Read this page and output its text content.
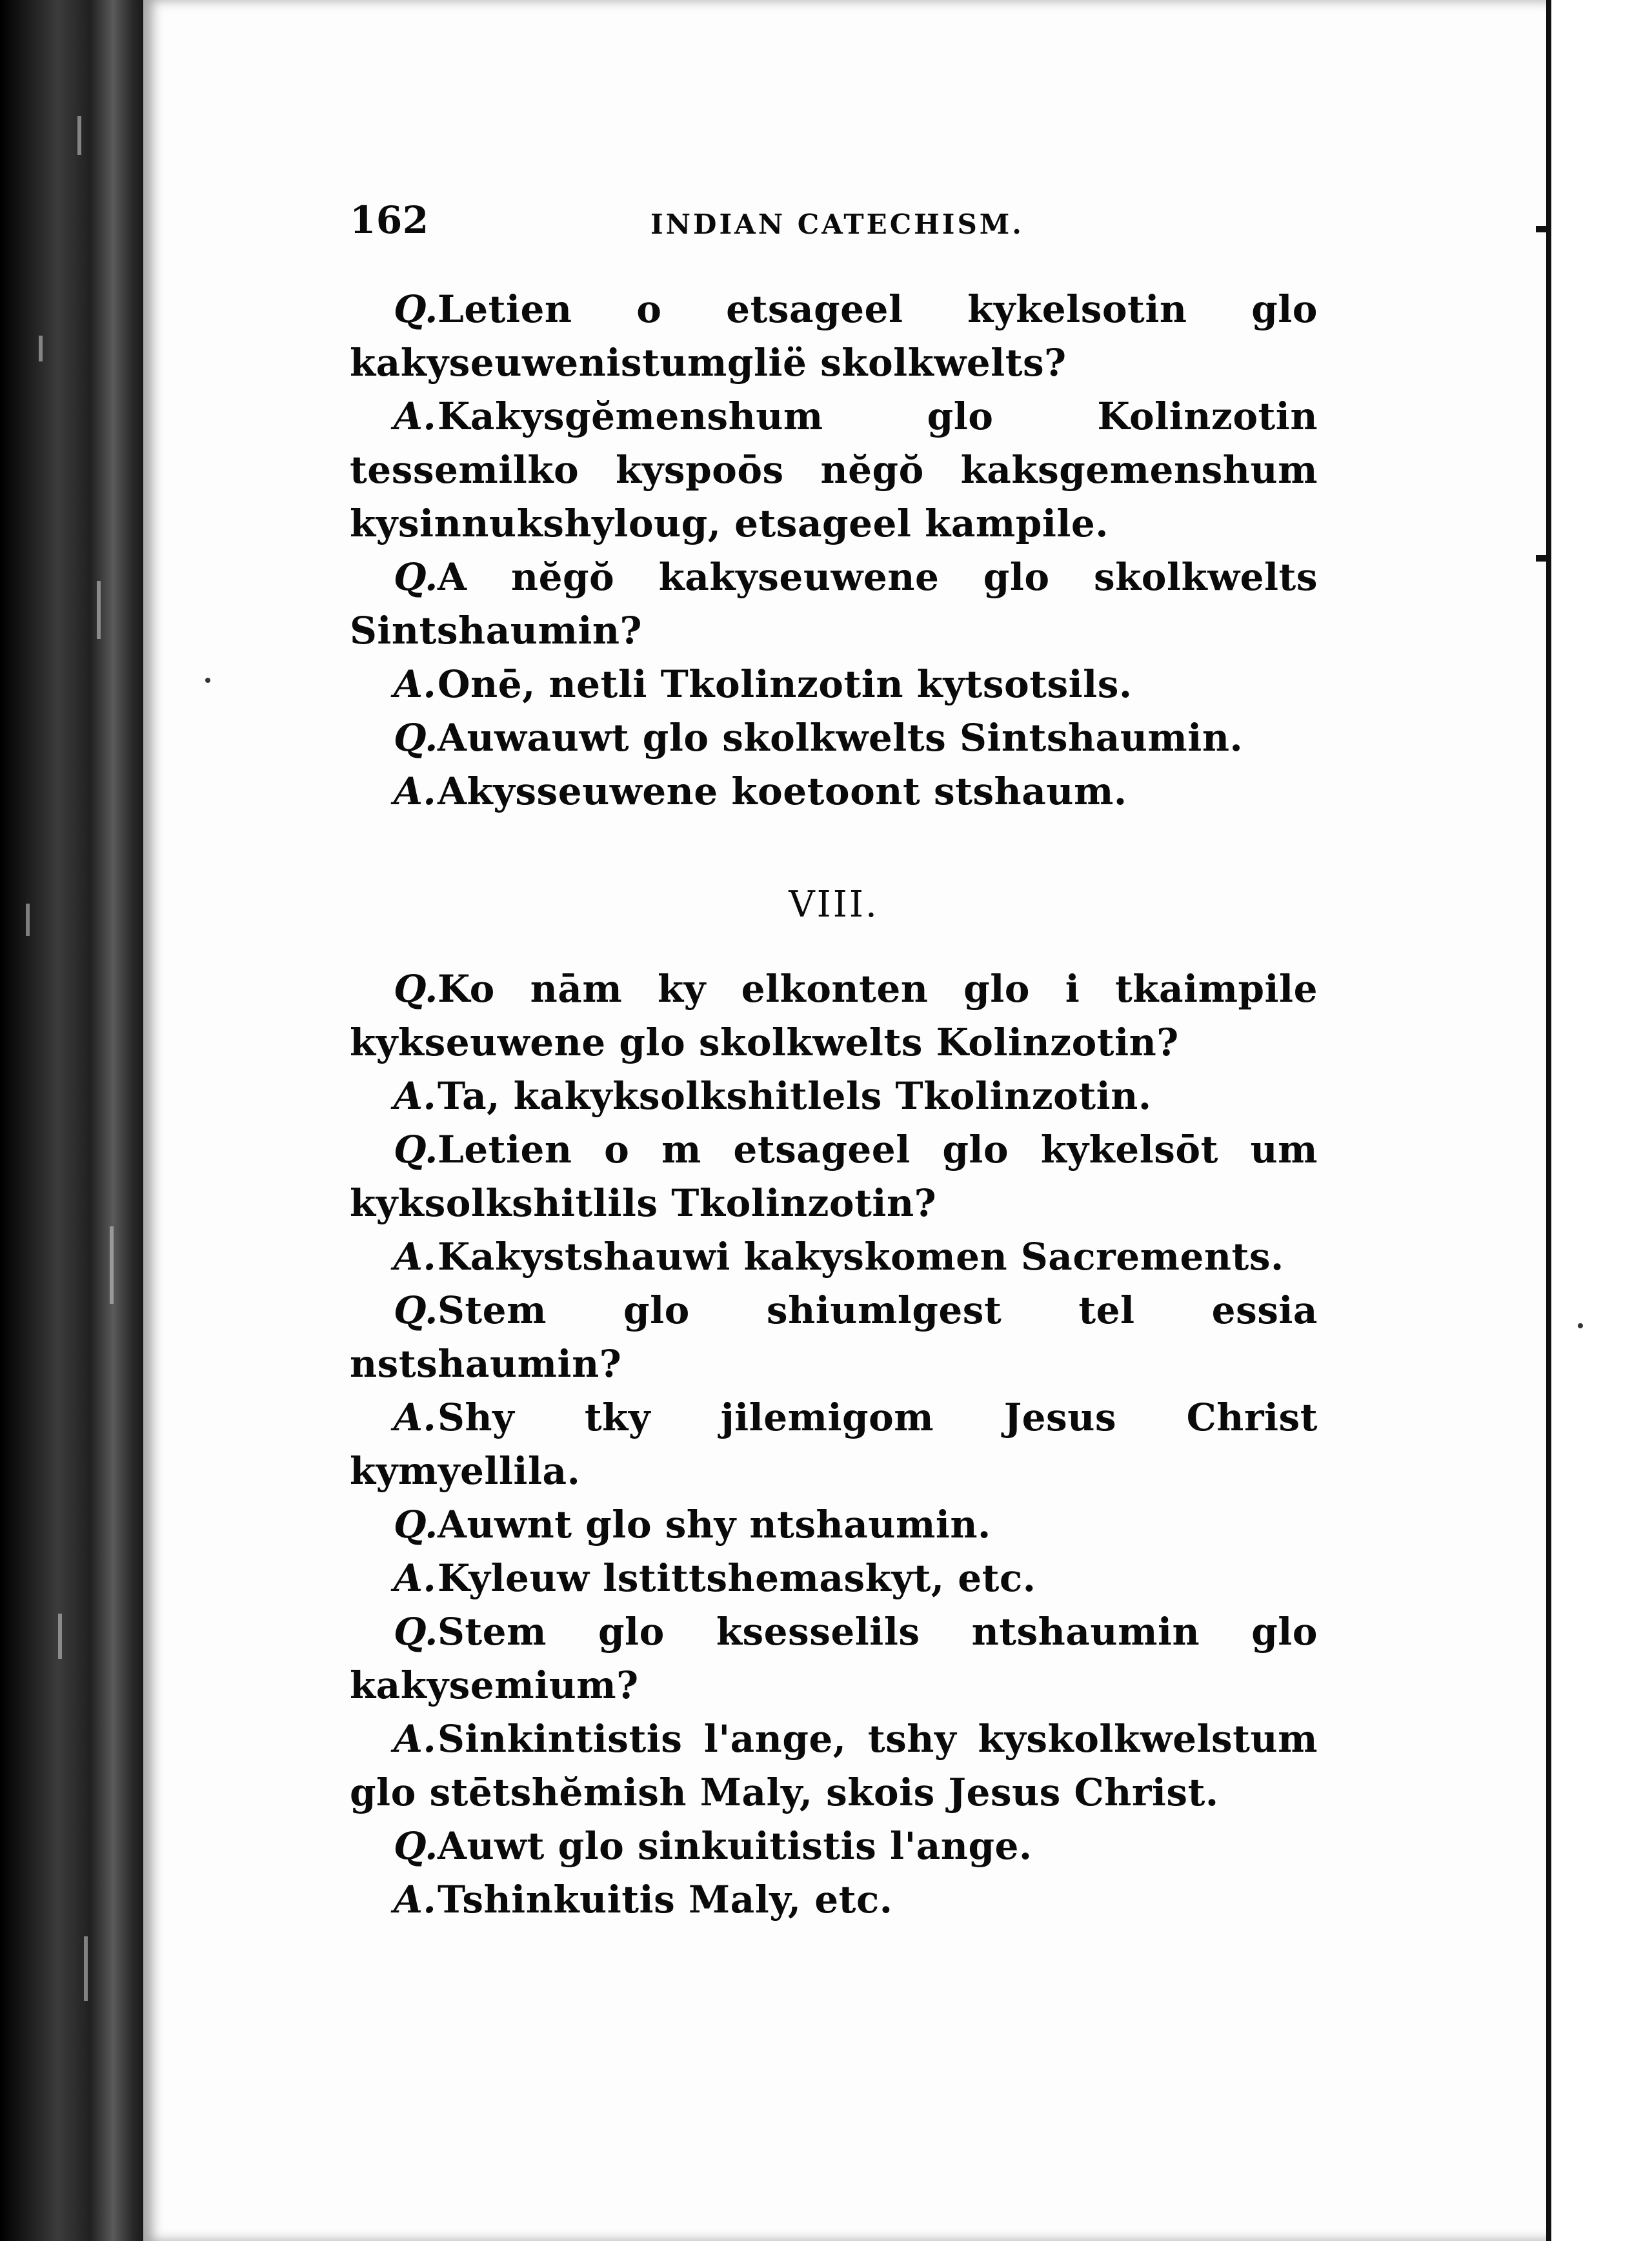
162	INDIAN CATECHISM.

Q.Letien o etsageel kykelsotin glo kakyseuwenistumgliё skolkwelts?

A.Kakysgĕmenshum glo Kolinzotin tessemilko kyspoōs nĕgŏ kaksgemenshum kysinnukshyloug, etsageel kampile.

Q.A nĕgŏ kakyseuwene glo skolkwelts Sintshaumin?

A.Onē, netli Tkolinzotin kytsotsils.

Q.Auwauwt glo skolkwelts Sintshaumin.

A.Akysseuwene koetoont stshaum.

VIII.

Q.Ko nām ky elkonten glo i tkaimpile kykseuwene glo skolkwelts Kolinzotin?

A.Ta, kakyksolkshitlels Tkolinzotin.

Q.Letien o m etsageel glo kykelsōt um kyksolkshitlils Tkolinzotin?

A.Kakystshauwi kakyskomen Sacrements.

Q.Stem glo shiumlgest tel essia nstshaumin?

A.Shy tky jilemigom Jesus Christ kymyellila.

Q.Auwnt glo shy ntshaumin.

A.Kyleuw lstittshemaskyt, etc.

Q.Stem glo ksesselils ntshaumin glo kakysemium?

A.Sinkintistis l'ange, tshy kyskolkwelstum glo stētshĕmish Maly, skois Jesus Christ.

Q.Auwt glo sinkuitistis l'ange.

A.Tshinkuitis Maly, etc.
